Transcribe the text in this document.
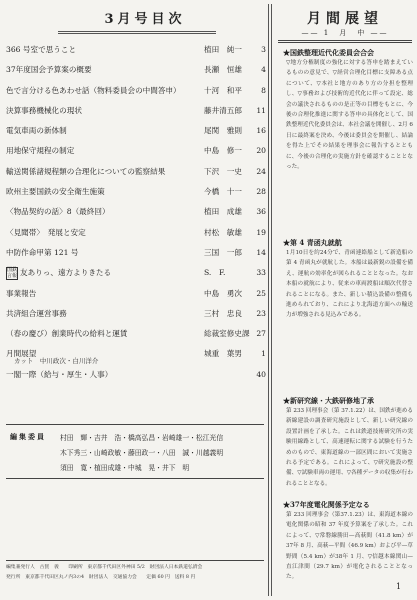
3月号目次
366 号室で思うこと	植田　純一	3
37年度国会予算案の概要	長瀬　恒雄	4
色で言分ける色あわせ話（物料委員会の中間答申）	十河　和平	8
決算事務機械化の現状	藤井清五郎	11
電気車両の新体制	尾関　雅則	16
用地保守規程の制定	中島　修一	20
輸送関係諸規程類の合理化についての監察結果	下沢　一史	24
欧州主要国鉄の安全衛生施策	今橋　十一	28
〈物品契約の話〉8（最終回）	植田　成雄	36
〈見聞帯〉　発展と安定	村松　敏雄	19
中防作命甲第 121 号	三国　一郎	14
国鉄
言報 友ありっ、遠方よりきたる	S.　F.	33
事業報告	中島　勇次	25
共済組合運営事務	三村　忠良	23
（春の慶び）創業時代の給料と運賃	総裁室修史課 27
月間展望	城重　葉男	1
一閣一際（給与・厚生・人事）	40
カット　中川政次・白川洋介
編集委員 村田　輝・吉井　浩・橋高弘昌・岩崎雄一・松江光信
木下秀三・山崎政敏・藤田政一・八田　誠・川越義明
須田　寛・植田成雄・中城　晃・井下　明
編集兼発行人　古賀　義　　印刷所　東京都千代田区外神田 5/2　財団法人日本鉄道弘済会
発行所　東京都千代田区丸ノ内3の4　財団法人　交通協力会　　定価 60 円　送料 8 円
月間展望
—— 1　月　中 ——
★国鉄整理近代化委員会合会
▽地方分権制度の強化に対する答申を踏まえているものの意見で、▽経営合理化目標に支障ある点について、▽本社と地方のあり方の分担を整理し、▽事務および技術的近代化に伴って設定、総会の議決されるものの是正等の目標をもとに、今後の合理化推進に関する答申の具体化として、国鉄整理近代化委員会は、本社会議を開催し、2月 6 日に最終案を決め、今後は委員会を開催し、結論を得た上でその結果を理事会に報告するとともに、今後の合理化の実施方針を確認することとなった。
★第 4 青函丸就航
1月10日を約24分で、青函連絡船として新造船の第 4 青函丸が就航した。本船は最新鋭の設備を備え、運航の効率化が図られることとなった。なお本船の就航により、従来の車両渡船は順次代替されることになる。また、新しい積込設備の整備も進められており、これにより北海道方面への輸送力が増強される見込みである。
★新研究線・大鉄研修地了承
第 233 回理事会（第 37.1.22）は、国鉄が進める新線建設の調査研究施設として、新しい研究線の設置計画を了承した。これは鉄道技術研究所の実験用線路として、高速運転に関する試験を行うためのもので、東海道線の一部区間において実施される予定である。これによって、▽研究施設の整備、▽試験車両の運用、▽各種データの収集が行われることとなる。
★37年度電化関係予定なる
第 233 回理事会（第37.1.23）は、東海道本線の電化関係の昭和 37 年度予算案を了承した。これによって、▽常磐線勝田—高萩間（41.8 km）が37年 8 月、高萩—平間（46.9 km）および平—草野間（5.4 km）が38年 1 月、▽信越本線関山—直江津間（29.7 km）が電化されることとなった。
1
